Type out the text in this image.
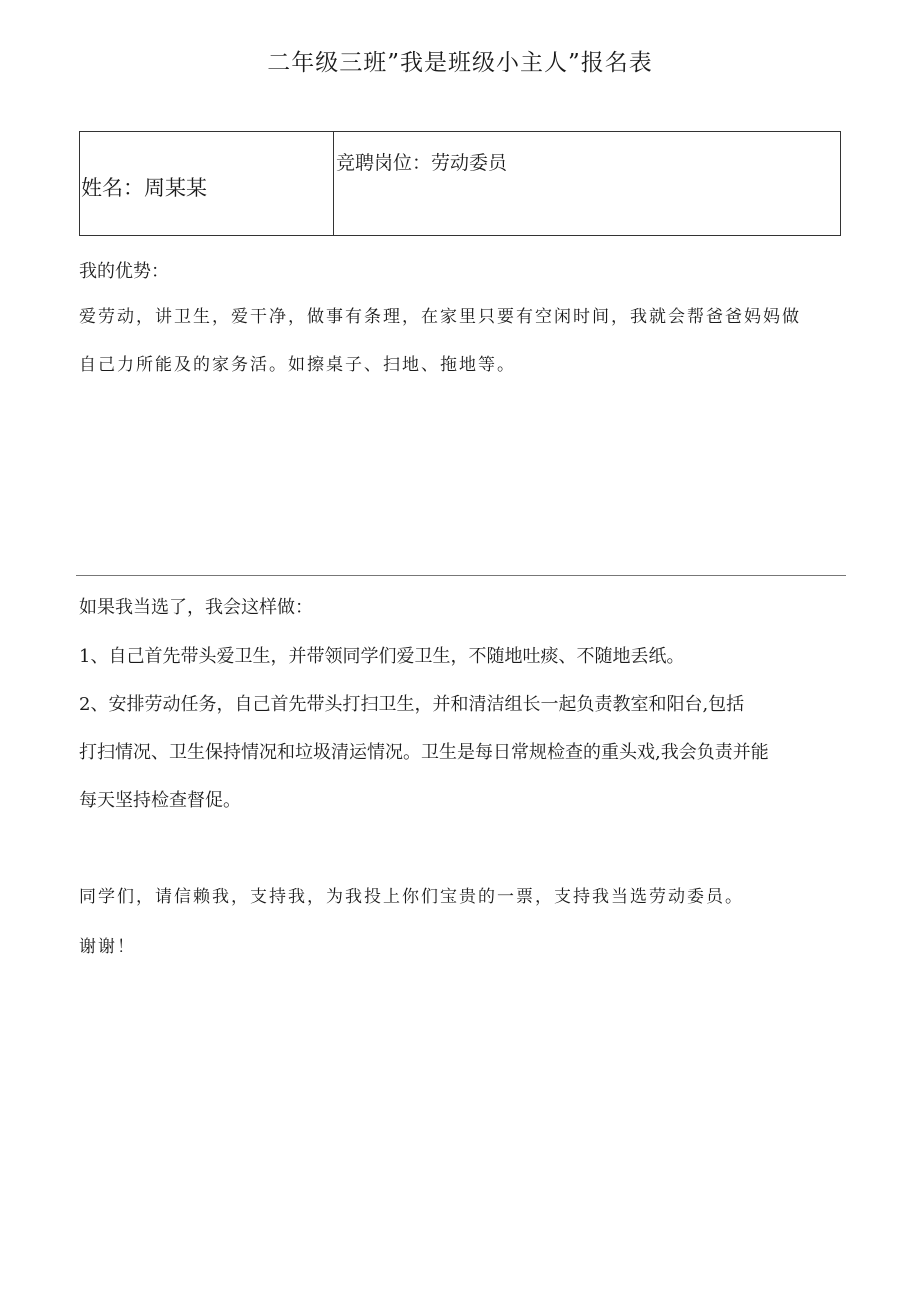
二年级三班”我是班级小主人”报名表
姓名：周某某
竞聘岗位：劳动委员

我的优势：

爱劳动，讲卫生，爱干净，做事有条理，在家里只要有空闲时间，我就会帮爸爸妈妈做

自己力所能及的家务活。如擦桌子、扫地、拖地等。

如果我当选了，我会这样做：

1、自己首先带头爱卫生，并带领同学们爱卫生，不随地吐痰、不随地丢纸。

2、安排劳动任务，自己首先带头打扫卫生，并和清洁组长一起负责教室和阳台,包括

打扫情况、卫生保持情况和垃圾清运情况。卫生是每日常规检查的重头戏,我会负责并能

每天坚持检查督促。

同学们，请信赖我，支持我，为我投上你们宝贵的一票，支持我当选劳动委员。

谢谢！
